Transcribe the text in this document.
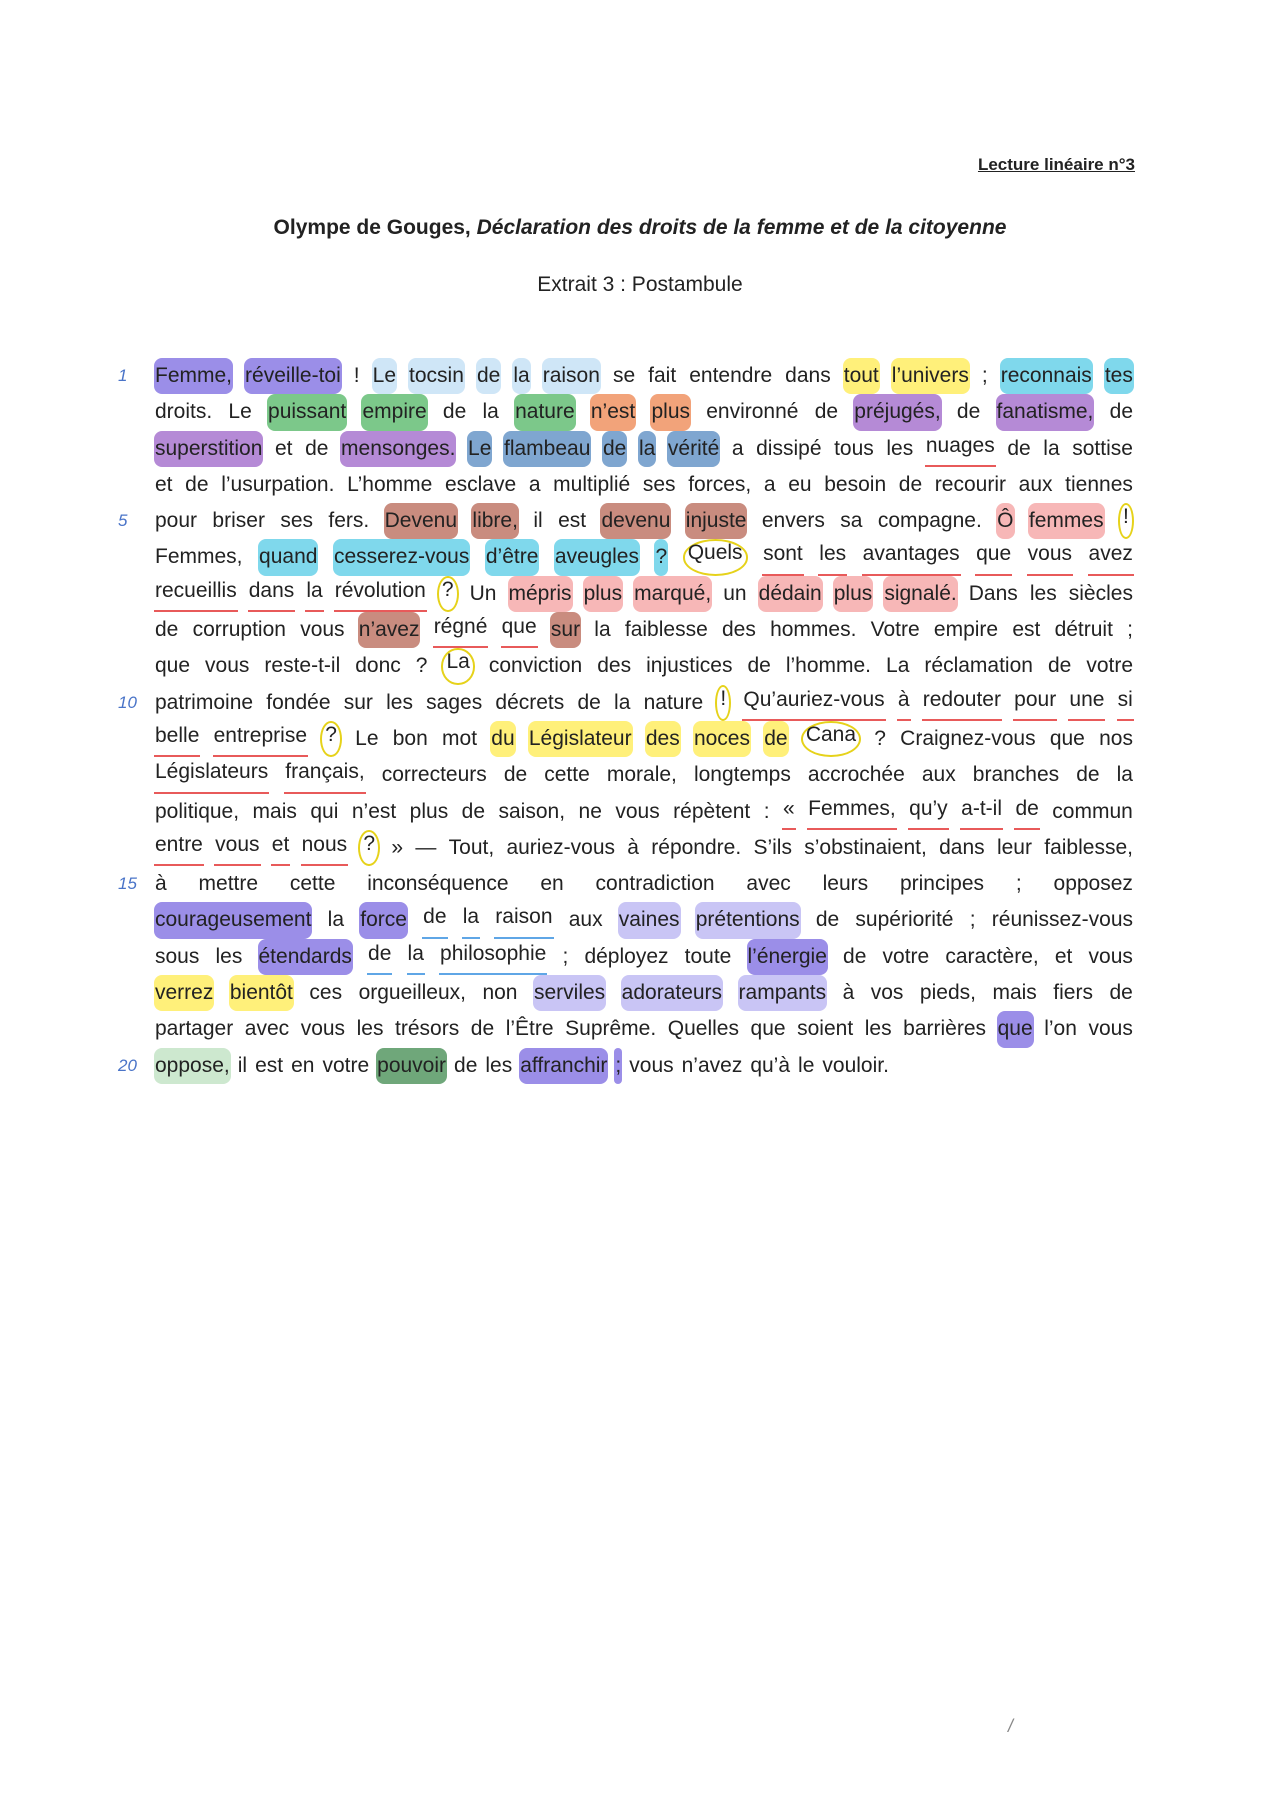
Lecture linéaire n°3
Olympe de Gouges, Déclaration des droits de la femme et de la citoyenne
Extrait 3 : Postambule
1
5
10
15
20
Femme, réveille-toi ! Le tocsin de la raison se fait entendre dans tout l’univers ; reconnais tes
droits. Le puissant empire de la nature n’est plus environné de préjugés, de fanatisme, de
superstition et de mensonges. Le flambeau de la vérité a dissipé tous les nuages de la sottise
et de l’usurpation. L’homme esclave a multiplié ses forces, a eu besoin de recourir aux tiennes
pour briser ses fers. Devenu libre, il est devenu injuste envers sa compagne. Ô femmes !
Femmes, quand cesserez-vous d’être aveugles ? Quels sont les avantages que vous avez
recueillis dans la révolution ? Un mépris plus marqué, un dédain plus signalé. Dans les siècles
de corruption vous n’avez régné que sur la faiblesse des hommes. Votre empire est détruit ;
que vous reste-t-il donc ? La conviction des injustices de l’homme. La réclamation de votre
patrimoine fondée sur les sages décrets de la nature ! Qu’auriez-vous à redouter pour une si
belle entreprise ? Le bon mot du Législateur des noces de Cana ? Craignez-vous que nos
Législateurs français, correcteurs de cette morale, longtemps accrochée aux branches de la
politique, mais qui n’est plus de saison, ne vous répètent : « Femmes, qu’y a-t-il de commun
entre vous et nous ? » — Tout, auriez-vous à répondre. S’ils s’obstinaient, dans leur faiblesse,
à mettre cette inconséquence en contradiction avec leurs principes ; opposez
courageusement la force de la raison aux vaines prétentions de supériorité ; réunissez-vous
sous les étendards de la philosophie ; déployez toute l’énergie de votre caractère, et vous
verrez bientôt ces orgueilleux, non serviles adorateurs rampants à vos pieds, mais fiers de
partager avec vous les trésors de l’Être Suprême. Quelles que soient les barrières que l’on vous
oppose, il est en votre pouvoir de les affranchir ; vous n’avez qu’à le vouloir.
/
